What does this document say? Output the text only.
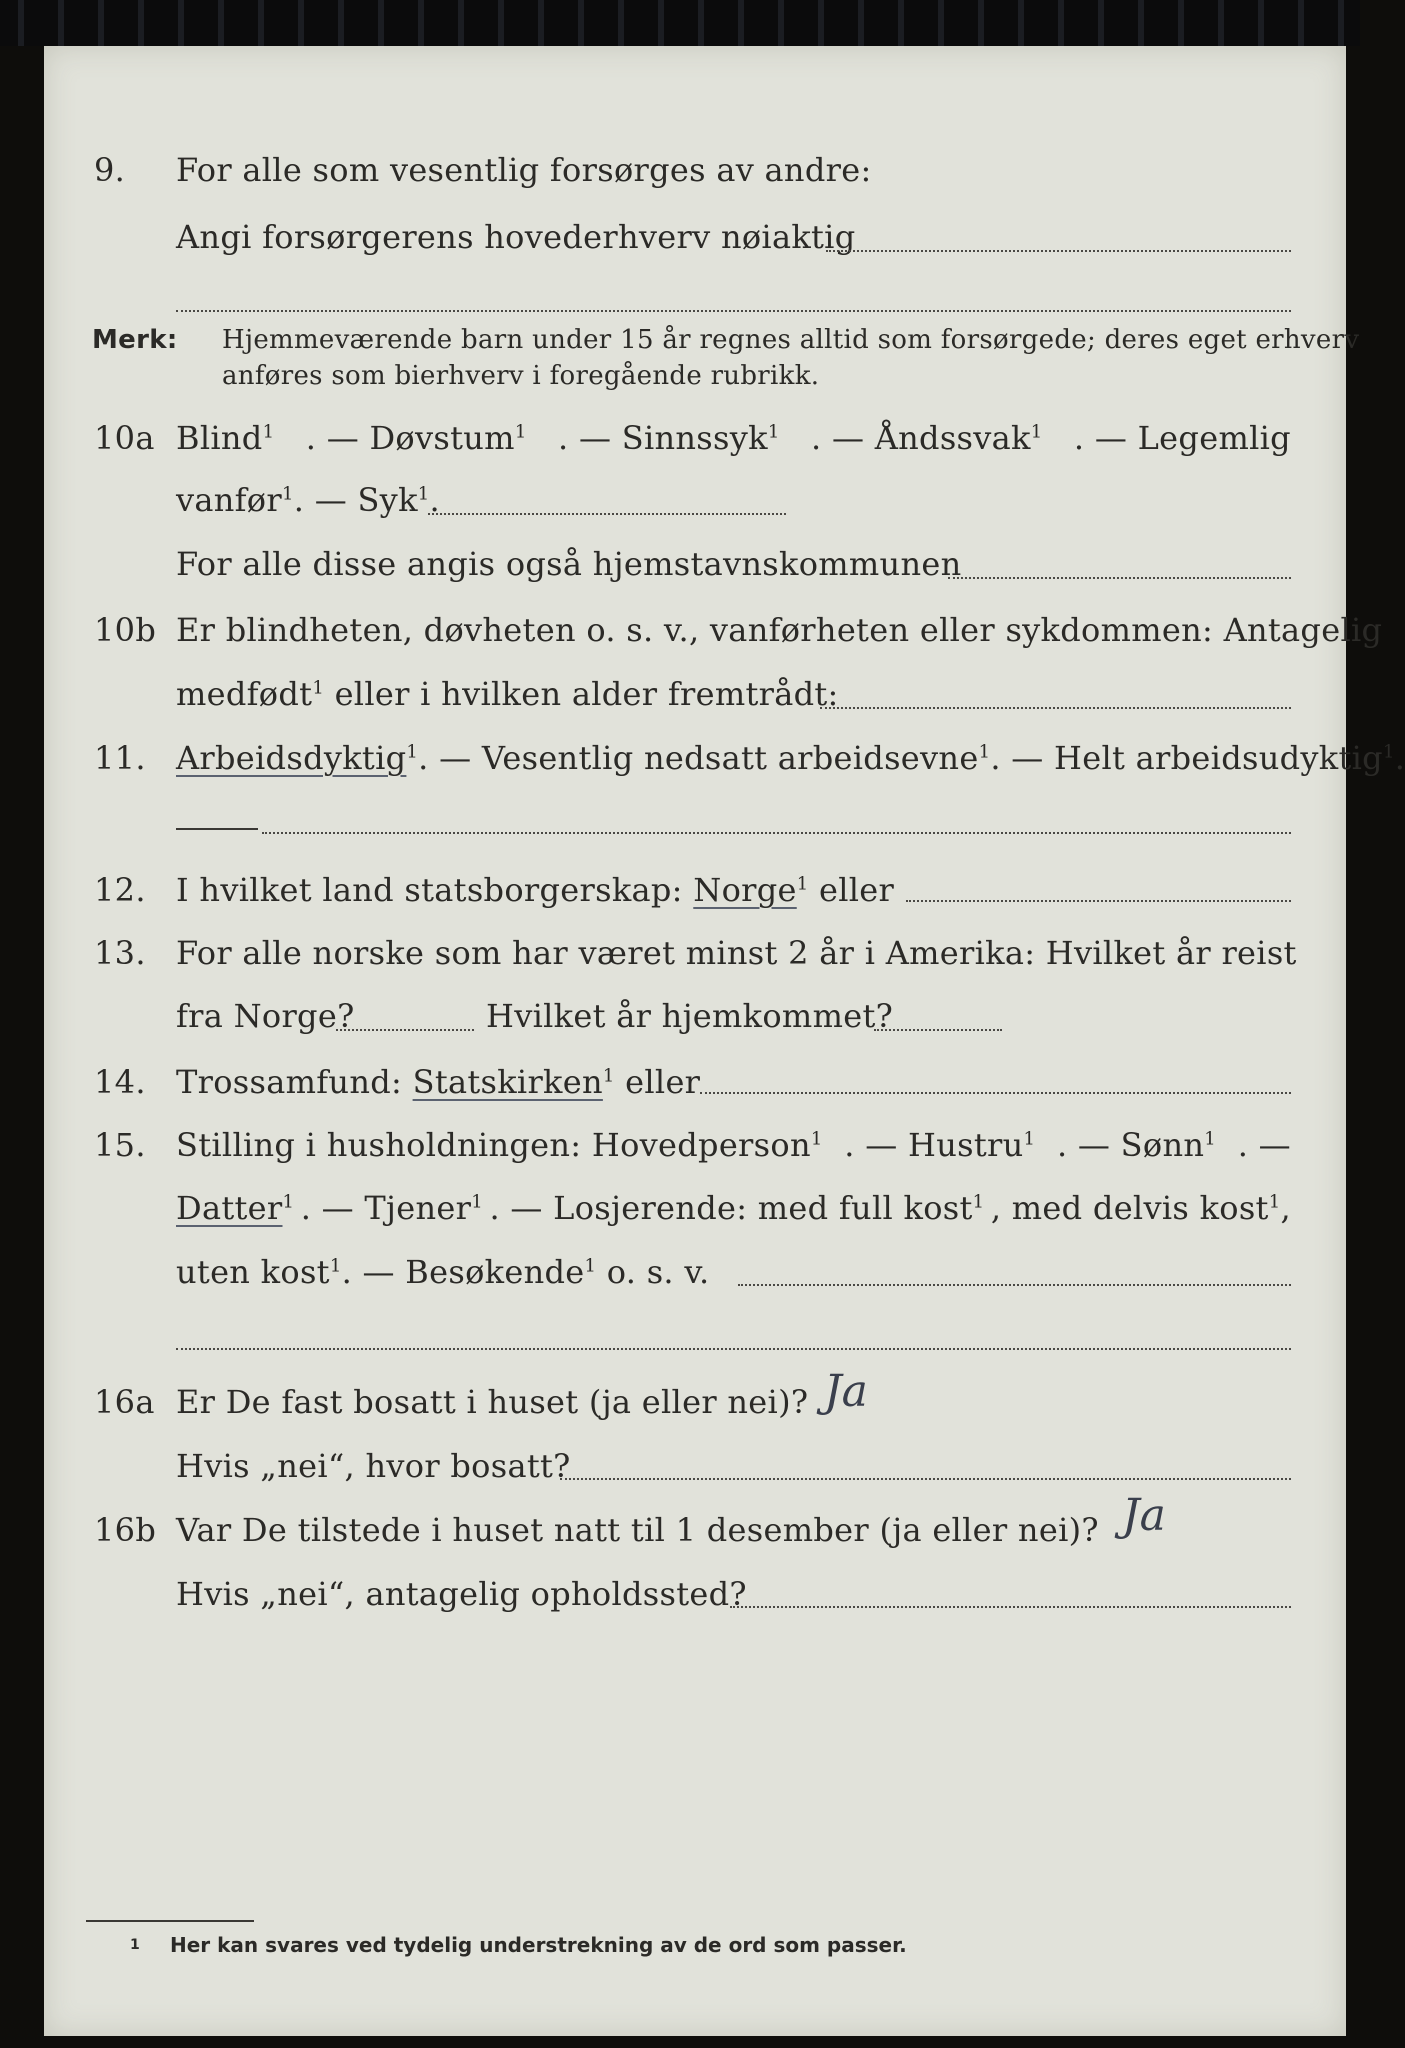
9. For alle som vesentlig forsørges av andre:
Angi forsørgerens hovederhverv nøiaktig
Merk: Hjemmeværende barn under 15 år regnes alltid som forsørgede; deres eget erhverv
anføres som bierhverv i foregående rubrikk.
10a Blind$^1$ . — Døvstum$^1$ . — Sinnssyk$^1$ . — Åndssvak$^1$ . — Legemlig
vanfør$^1$. — Syk$^1$.
For alle disse angis også hjemstavnskommunen
10b Er blindheten, døvheten o. s. v., vanførheten eller sykdommen: Antagelig
medfødt$^1$ eller i hvilken alder fremtrådt:
11. Arbeidsdyktig$^1$. — Vesentlig nedsatt arbeidsevne$^1$. — Helt arbeidsudyktig$^1$.
12. I hvilket land statsborgerskap: Norge$^1$ eller
13. For alle norske som har været minst 2 år i Amerika: Hvilket år reist
fra Norge?	Hvilket år hjemkommet?
14. Trossamfund: Statskirken$^1$ eller
15. Stilling i husholdningen: Hovedperson$^1$ . — Hustru$^1$ . — Sønn$^1$ . —
Datter$^1$ . — Tjener$^1$ . — Losjerende: med full kost$^1$ , med delvis kost$^1$,
uten kost$^1$. — Besøkende$^1$ o. s. v.
16a Er De fast bosatt i huset (ja eller nei)?
Hvis „nei“, hvor bosatt?
Ja
16b Var De tilstede i huset natt til 1 desember (ja eller nei)?
Hvis „nei“, antagelig opholdssted?
Ja
1 Her kan svares ved tydelig understrekning av de ord som passer.
